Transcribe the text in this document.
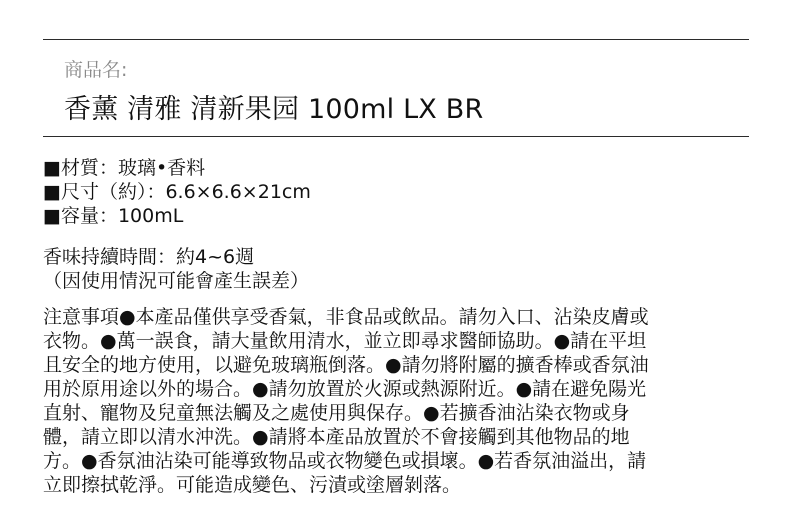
商品名:
香薰 清雅 清新果园 100ml LX BR
■材質：玻璃•香料
■尺寸（約）：6.6×6.6×21cm
■容量：100mL
香味持續時間：約4~6週
（因使用情況可能會產生誤差）
注意事項●本產品僅供享受香氣，非食品或飲品。請勿入口、沾染皮膚或
衣物。●萬一誤食，請大量飲用清水，並立即尋求醫師協助。●請在平坦
且安全的地方使用，以避免玻璃瓶倒落。●請勿將附屬的擴香棒或香氛油
用於原用途以外的場合。●請勿放置於火源或熱源附近。●請在避免陽光
直射、寵物及兒童無法觸及之處使用與保存。●若擴香油沾染衣物或身
體，請立即以清水沖洗。●請將本產品放置於不會接觸到其他物品的地
方。●香氛油沾染可能導致物品或衣物變色或損壞。●若香氛油溢出，請
立即擦拭乾淨。可能造成變色、污漬或塗層剝落。
